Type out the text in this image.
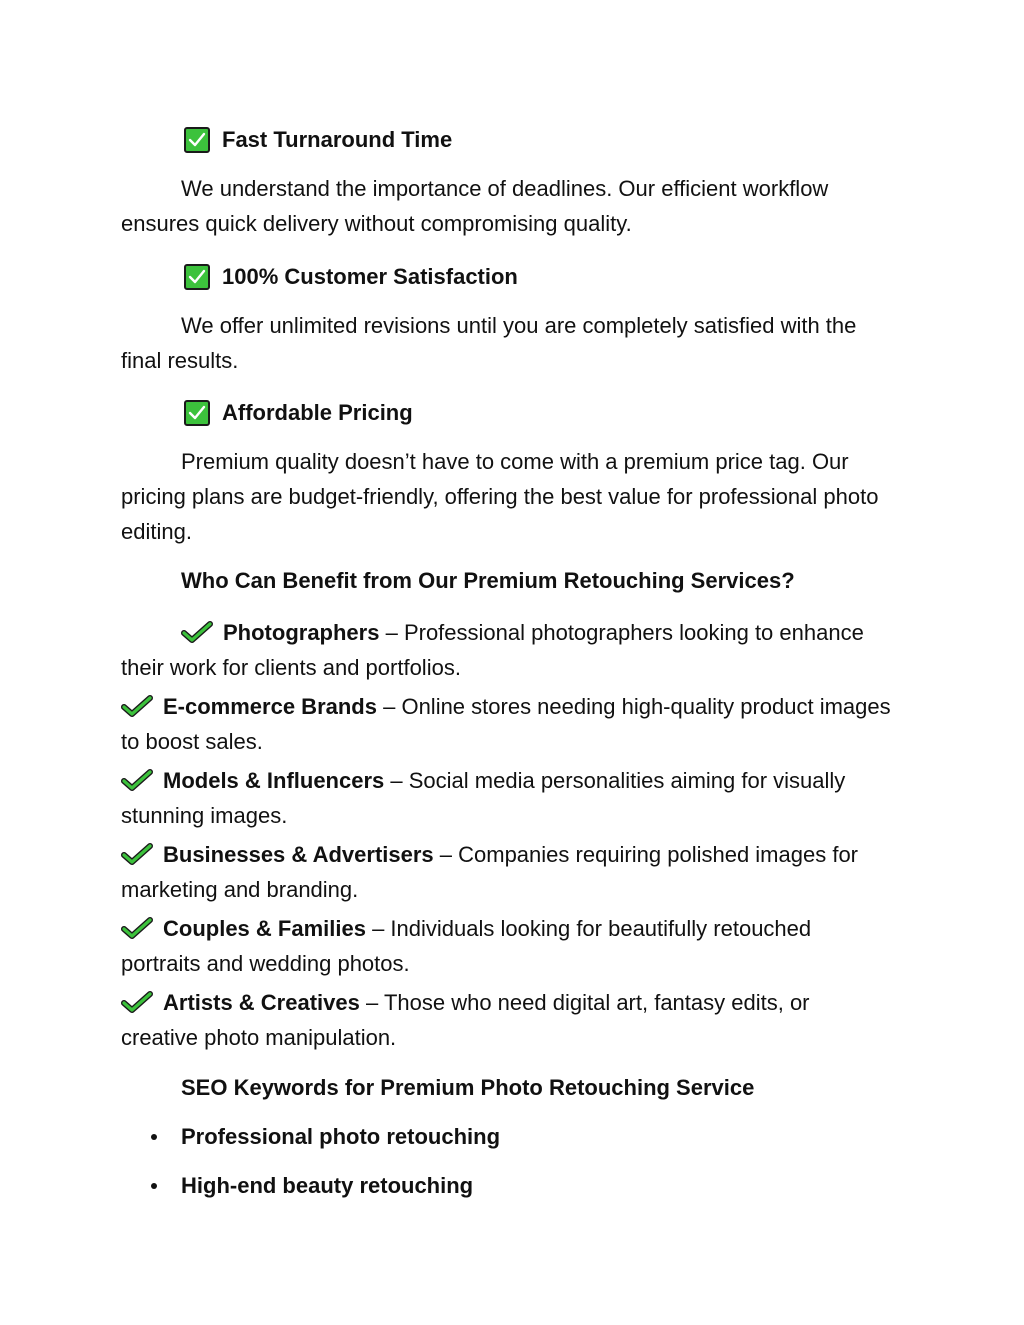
Fast Turnaround Time

We understand the importance of deadlines. Our efficient workflow ensures quick delivery without compromising quality.

100% Customer Satisfaction

We offer unlimited revisions until you are completely satisfied with the final results.

Affordable Pricing

Premium quality doesn’t have to come with a premium price tag. Our pricing plans are budget-friendly, offering the best value for professional photo editing.

Who Can Benefit from Our Premium Retouching Services?

Photographers – Professional photographers looking to enhance their work for clients and portfolios.

E-commerce Brands – Online stores needing high-quality product images to boost sales.

Models & Influencers – Social media personalities aiming for visually stunning images.

Businesses & Advertisers – Companies requiring polished images for marketing and branding.

Couples & Families – Individuals looking for beautifully retouched portraits and wedding photos.

Artists & Creatives – Those who need digital art, fantasy edits, or creative photo manipulation.

SEO Keywords for Premium Photo Retouching Service
Professional photo retouching
High-end beauty retouching
